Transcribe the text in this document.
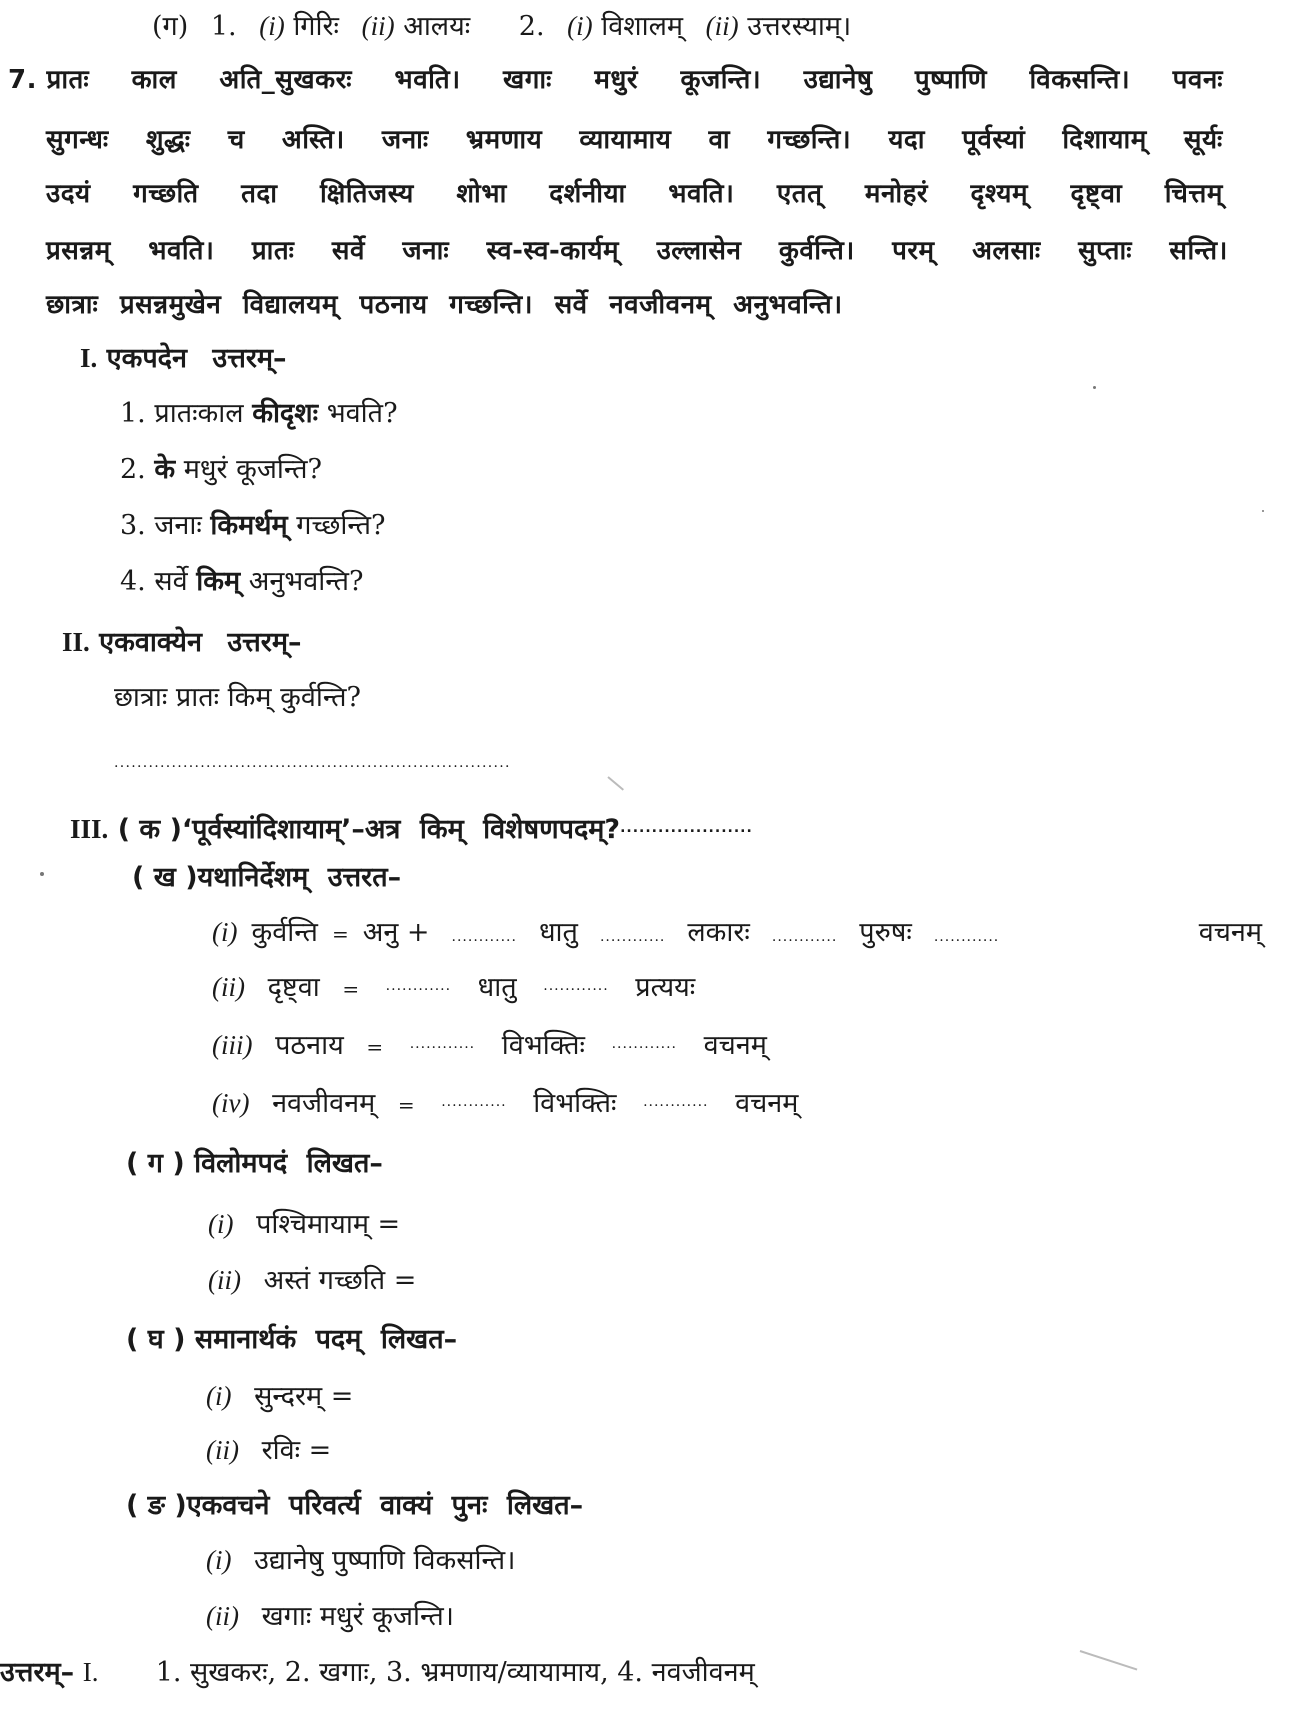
(ग) 1. (i) गिरिः (ii) आलयः 2. (i) विशालम् (ii) उत्तरस्याम्।
7. प्रातः काल अति_सुखकरः भवति। खगाः मधुरं कूजन्ति। उद्यानेषु पुष्पाणि विकसन्ति। पवनः
सुगन्धः शुद्धः च अस्ति। जनाः भ्रमणाय व्यायामाय वा गच्छन्ति। यदा पूर्वस्यां दिशायाम् सूर्यः
उदयं गच्छति तदा क्षितिजस्य शोभा दर्शनीया भवति। एतत् मनोहरं दृश्यम् दृष्ट्वा चित्तम्
प्रसन्नम् भवति। प्रातः सर्वे जनाः स्व-स्व-कार्यम् उल्लासेन कुर्वन्ति। परम् अलसाः सुप्ताः सन्ति।
छात्राः प्रसन्नमुखेन विद्यालयम् पठनाय गच्छन्ति। सर्वे नवजीवनम् अनुभवन्ति।
I. एकपदेन उत्तरम्–
1. प्रातःकाल कीदृशः भवति?
2. के मधुरं कूजन्ति?
3. जनाः किमर्थम् गच्छन्ति?
4. सर्वे किम् अनुभवन्ति?
II. एकवाक्येन उत्तरम्–
छात्राः प्रातः किम् कुर्वन्ति?
.....................................................................
III. ( क )‘पूर्वस्यांदिशायाम्’–अत्र किम् विशेषणपदम्?.....................
( ख )यथानिर्देशम् उत्तरत–
(i) कुर्वन्ति = अनु + ............ धातु ............ लकारः ............ पुरुषः ............	वचनम्
(ii) दृष्ट्वा = ............ धातु ............ प्रत्ययः
(iii) पठनाय = ............ विभक्तिः ............ वचनम्
(iv) नवजीवनम् = ............ विभक्तिः ............ वचनम्
( ग ) विलोमपदं लिखत–
(i) पश्चिमायाम् =
(ii) अस्तं गच्छति =
( घ ) समानार्थकं पदम् लिखत–
(i) सुन्दरम् =
(ii) रविः =
( ङ )एकवचने परिवर्त्य वाक्यं पुनः लिखत–
(i) उद्यानेषु पुष्पाणि विकसन्ति।
(ii) खगाः मधुरं कूजन्ति।
उत्तरम्– I. 1. सुखकरः, 2. खगाः, 3. भ्रमणाय/व्यायामाय, 4. नवजीवनम्
